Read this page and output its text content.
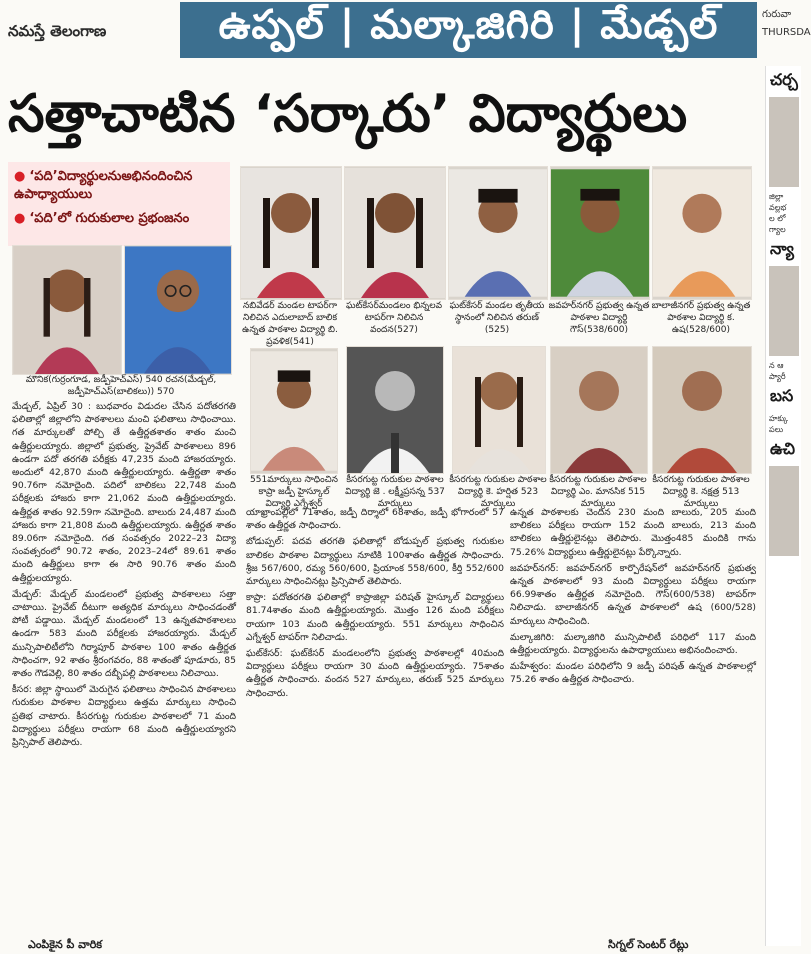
నమస్తే తెలంగాణ	ఉప్పల్ | మల్కాజిగిరి | మేడ్చల్	గురువా
THURSDA
సత్తాచాటిన ‘సర్కారు’ విద్యార్థులు
● ‘పది’విద్యార్థులనుఅభినందించిన ఉపాధ్యాయులు
● ‘పది’లో గురుకులాల ప్రభంజనం
మౌనిక(గుర్రంగూడ, జడ్పీహెచ్ఎస్) 540 రచన(మేడ్చల్, జడ్పీహెచ్ఎస్(బాలికలు)) 570
నబివేడర్ మండల టాపర్‌గా నిలిచిన ఎదులాబాద్ బాలిక ఉన్నత పాఠశాల విద్యార్థి బి. ప్రవళిక(541)
ఘట్‌కేసర్‌మండలం భిన్నలవ టాపర్‌గా నిలిచిన వందన(527)
ఘట్‌కేసర్ మండల తృతీయ స్థానంలో నిలిచిన తరుణ్ (525)
జవహర్‌నగర్ ప్రభుత్వ ఉన్నత పాఠశాల విద్యార్థి గౌస్(538/600)
బాలాజీనగర్ ప్రభుత్వ ఉన్నత పాఠశాల విద్యార్థి క. ఉష(528/600)
551మార్కులు సాధించిన కాప్రా జడ్పీ హైస్కూల్ విద్యార్థి ఎగ్నేశ్వర్
కీసరగుట్ట గురుకుల పాఠశాల విద్యార్థి జె . లక్ష్మీప్రసన్న 537 మార్కులు
కీసరగుట్ట గురుకుల పాఠశాల విద్యార్థి కె. హర్షిత 523 మార్కులు
కీసరగుట్ట గురుకుల పాఠశాల విద్యార్థి ఎం. మానసిక 515 మార్కులు
కీసరగుట్ట గురుకుల పాఠశాల విద్యార్థి కె. నక్షత్ర 513 మార్కులు

మేడ్చల్, ఏప్రిల్ 30 : బుధవారం విడుదల చేసిన పదోతరగతి ఫలితాల్లో జిల్లాలోని పాఠశాలలు మంచి ఫలితాలు సాధించాయి. గత మార్కులతో పోల్చి తే ఉత్తీర్ణతశాతం శాతం మంచి ఉత్తీర్ణులయ్యారు. జిల్లాలో ప్రభుత్వ, ప్రైవేట్ పాఠశాలలు 896 ఉండగా పదో తరగతి పరీక్షకు 47,235 మంది హాజరయ్యారు. అందులో 42,870 మంది ఉత్తీర్ణులయ్యారు. ఉత్తీర్ణతా శాతం 90.76గా నమోదైంది. పదిలో బాలికలు 22,748 మంది పరీక్షలకు హాజరు కాగా 21,062 మంది ఉత్తీర్ణులయ్యారు. ఉత్తీర్ణత శాతం 92.59గా నమోదైంది. బాలురు 24,487 మంది హాజరు కాగా 21,808 మంది ఉత్తీర్ణులయ్యారు. ఉత్తీర్ణత శాతం 89.06గా నమోదైంది. గత సంవత్సరం 2022–23 విద్యా సంవత్సరంలో 90.72 శాతం, 2023–24లో 89.61 శాతం మంది ఉత్తీర్ణులు కాగా ఈ సారి 90.76 శాతం మంది ఉత్తీర్ణులయ్యారు.

మేడ్చల్: మేడ్చల్ మండలంలో ప్రభుత్వ పాఠశాలలు సత్తా చాటాయి. ప్రైవేట్ దీటుగా అత్యధిక మార్కులు సాధించడంతో పోటీ పడ్డాయి. మేడ్చల్ మండలంలో 13 ఉన్నతపాఠశాలలు ఉండగా 583 మంది పరీక్షలకు హాజరయ్యారు. మేడ్చల్ మున్సిపాలిటీలోని గిర్మాపూర్ పాఠశాల 100 శాతం ఉత్తీర్ణత సాధించగా, 92 శాతం శ్రీరంగవరం, 88 శాతంతో పూడూరు, 85 శాతం గౌడవెల్లి, 80 శాతం దబ్బీపల్లి పాఠశాలలు నిలిచాయి.

కీసర: జిల్లా స్థాయిలో మెరుగైన ఫలితాలు సాధించిన పాఠశాలలు గురుకుల పాఠశాల విద్యార్థులు ఉత్తమ మార్కులు సాధించి ప్రతిభ చాటారు. కీసరగుట్ట గురుకుల పాఠశాలలో 71 మంది విద్యార్థులు పరీక్షలు రాయగా 68 మంది ఉత్తీర్ణులయ్యారని ప్రిన్సిపాల్ తెలిపారు.

యాఖ్రాంపల్లిలో 71శాతం, జడ్పీ దిర్శాలో 68శాతం, జడ్పీ భోగారంలో 57 శాతం ఉత్తీర్ణత సాధించారు.

బోడుప్పల్: పదవ తరగతి ఫలితాల్లో బోడుప్పల్ ప్రభుత్వ గురుకుల బాలికల పాఠశాల విద్యార్థులు నూటికి 100శాతం ఉత్తీర్ణత సాధించారు. శ్రీజ 567/600, రమ్య 560/600, ప్రియాంక 558/600, కీర్తి 552/600 మార్కులు సాధించినట్లు ప్రిన్సిపాల్ తెలిపారు.

కాప్రా: పదోతరగతి ఫలితాల్లో కాప్రాజిల్లా పరిషత్ హైస్కూల్ విద్యార్థులు 81.74శాతం మంది ఉత్తీర్ణులయ్యారు. మొత్తం 126 మంది పరీక్షలు రాయగా 103 మంది ఉత్తీర్ణులయ్యారు. 551 మార్కులు సాధించిన ఎగ్నేశ్వర్ టాపర్‌గా నిలిచాడు.

ఘట్‌కేసర్: ఘట్‌కేసర్ మండలంలోని ప్రభుత్వ పాఠశాలల్లో 40మంది విద్యార్థులు పరీక్షలు రాయగా 30 మంది ఉత్తీర్ణులయ్యారు. 75శాతం ఉత్తీర్ణత సాధించారు. వందన 527 మార్కులు, తరుణ్ 525 మార్కులు సాధించారు.

ఉన్నత పాఠశాలకు చెందిన 230 మంది బాలురు, 205 మంది బాలికలు పరీక్షలు రాయగా 152 మంది బాలురు, 213 మంది బాలికలు ఉత్తీర్ణులైనట్లు తెలిపారు. మొత్తం485 మందికి గాను 75.26% విద్యార్థులు ఉత్తీర్ణులైనట్లు పేర్కొన్నారు.

జవహర్‌నగర్: జవహర్‌నగర్ కార్పొరేషన్‌లో జవహర్‌నగర్ ప్రభుత్వ ఉన్నత పాఠశాలలో 93 మంది విద్యార్థులు పరీక్షలు రాయగా 66.99శాతం ఉత్తీర్ణత నమోదైంది. గౌస్(600/538) టాపర్‌గా నిలిచాడు. బాలాజీనగర్ ఉన్నత పాఠశాలలో ఉష (600/528) మార్కులు సాధించింది.

మల్కాజిగిరి: మల్కాజిగిరి మున్సిపాలిటీ పరిధిలో 117 మంది ఉత్తీర్ణులయ్యారు. విద్యార్థులను ఉపాధ్యాయులు అభినందించారు.

మహేశ్వరం: మండల పరిధిలోని 9 జడ్పీ పరిషత్ ఉన్నత పాఠశాలల్లో 75.26 శాతం ఉత్తీర్ణత సాధించారు.

చర్చ
జిల్లా
వల్లభ
ల లో
గ్యాల
న్యా
న ఆ
ప్యారీ
బస
హక్కు
పలు
ఉచి
ఎంపికైన పీ వారిక	సిగ్నల్ సెంటర్‌ రేట్లు
